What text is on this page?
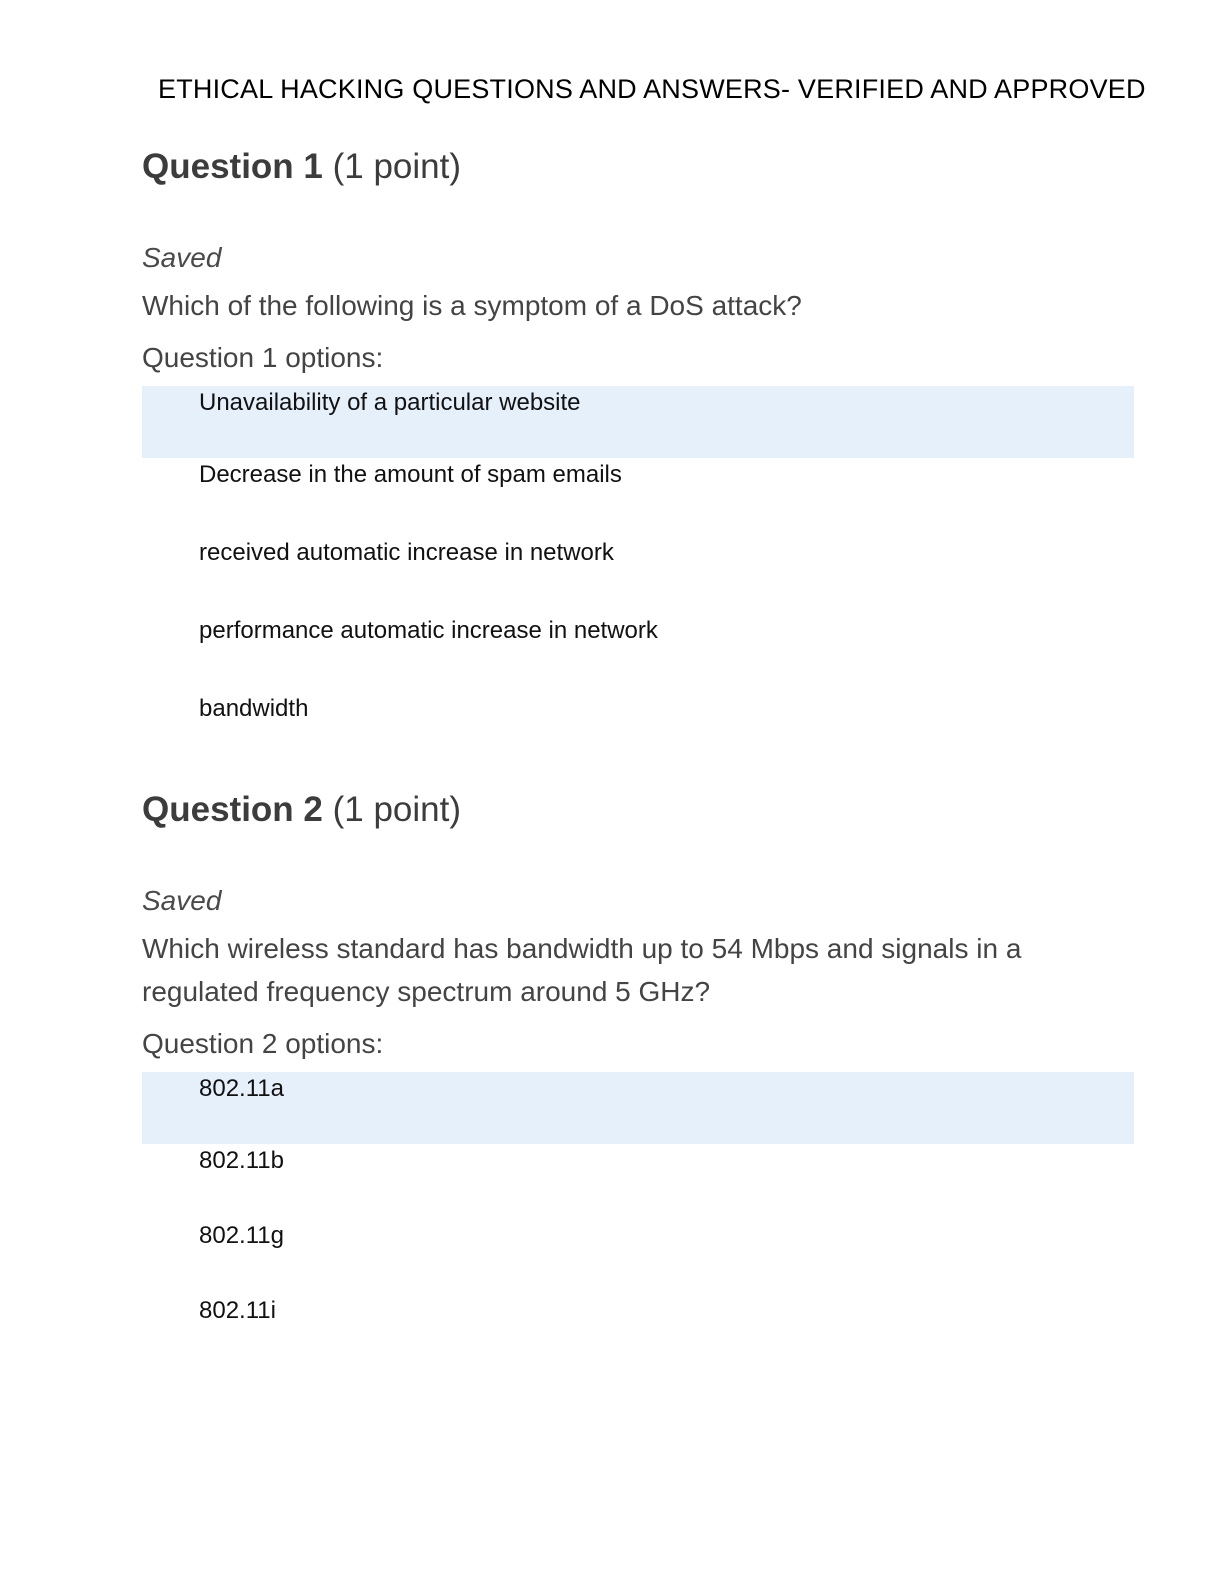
ETHICAL HACKING QUESTIONS AND ANSWERS- VERIFIED AND APPROVED
Question 1 (1 point)
Saved
Which of the following is a symptom of a DoS attack?
Question 1 options:
Unavailability of a particular website
Decrease in the amount of spam emails
received automatic increase in network
performance automatic increase in network
bandwidth
Question 2 (1 point)
Saved
Which wireless standard has bandwidth up to 54 Mbps and signals in a regulated frequency spectrum around 5 GHz?
Question 2 options:
802.11a
802.11b
802.11g
802.11i
